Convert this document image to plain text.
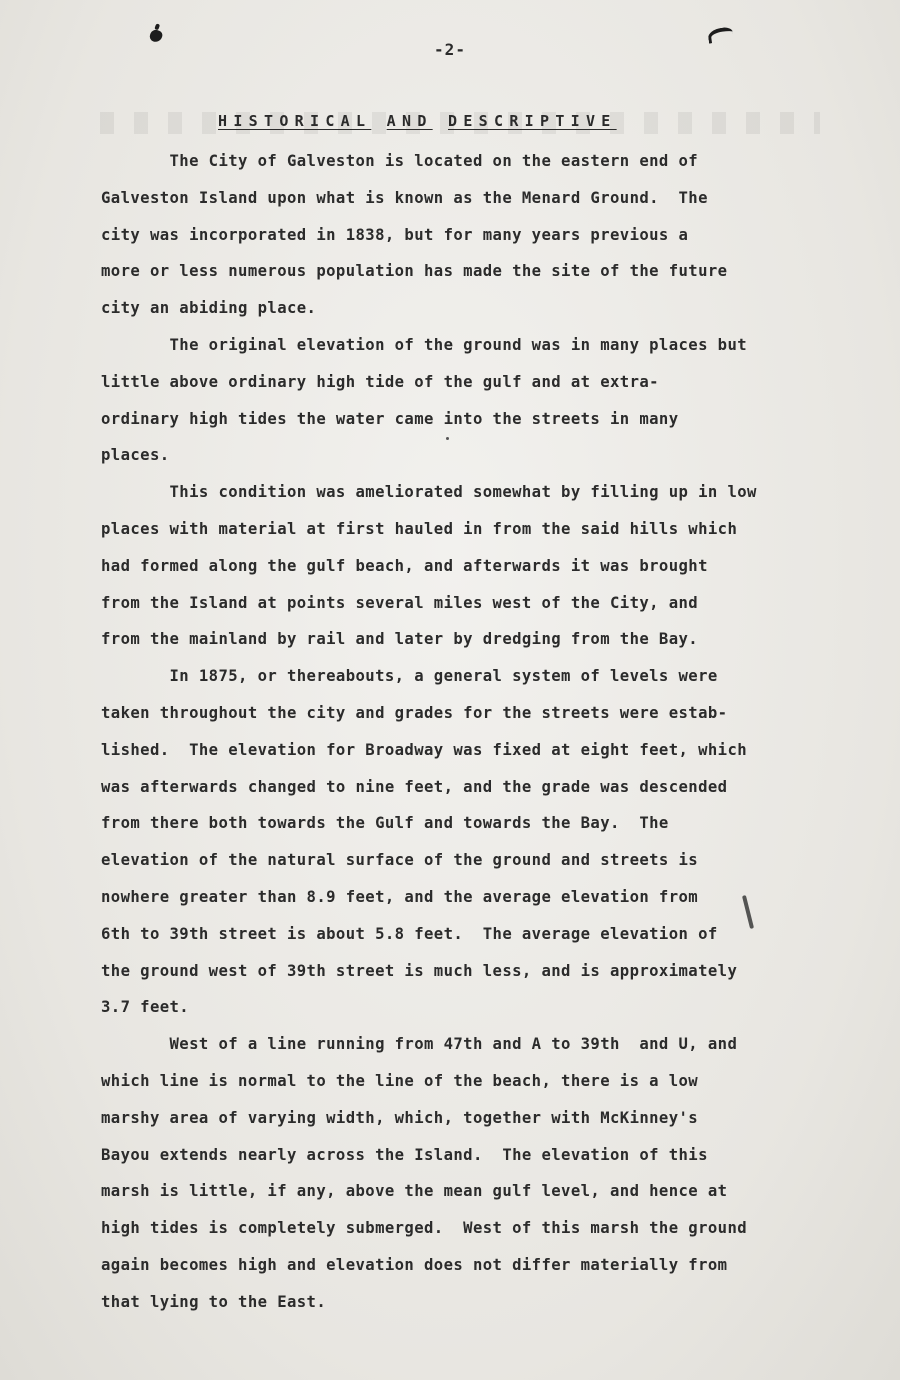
-2-
HISTORICAL AND DESCRIPTIVE
The City of Galveston is located on the eastern end of
Galveston Island upon what is known as the Menard Ground.  The
city was incorporated in 1838, but for many years previous a
more or less numerous population has made the site of the future
city an abiding place.
The original elevation of the ground was in many places but
little above ordinary high tide of the gulf and at extra-
ordinary high tides the water came into the streets in many
places.
This condition was ameliorated somewhat by filling up in low
places with material at first hauled in from the said hills which
had formed along the gulf beach, and afterwards it was brought
from the Island at points several miles west of the City, and
from the mainland by rail and later by dredging from the Bay.
In 1875, or thereabouts, a general system of levels were
taken throughout the city and grades for the streets were estab-
lished.  The elevation for Broadway was fixed at eight feet, which
was afterwards changed to nine feet, and the grade was descended
from there both towards the Gulf and towards the Bay.  The
elevation of the natural surface of the ground and streets is
nowhere greater than 8.9 feet, and the average elevation from
6th to 39th street is about 5.8 feet.  The average elevation of
the ground west of 39th street is much less, and is approximately
3.7 feet.
West of a line running from 47th and A to 39th  and U, and
which line is normal to the line of the beach, there is a low
marshy area of varying width, which, together with McKinney's
Bayou extends nearly across the Island.  The elevation of this
marsh is little, if any, above the mean gulf level, and hence at
high tides is completely submerged.  West of this marsh the ground
again becomes high and elevation does not differ materially from
that lying to the East.
